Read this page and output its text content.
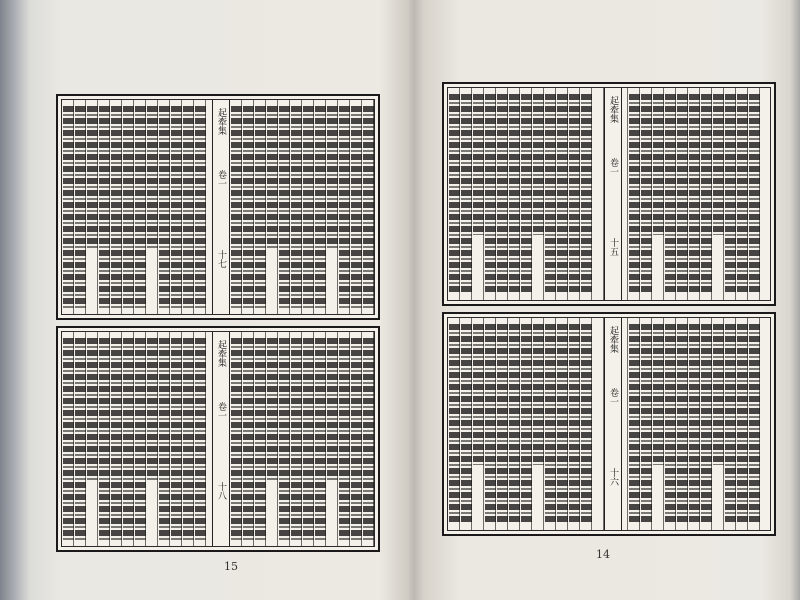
起牽集
卷一
十七
起牽集
卷一
十八
15
起牽集
卷一
十五
起牽集
卷一
十六
14
